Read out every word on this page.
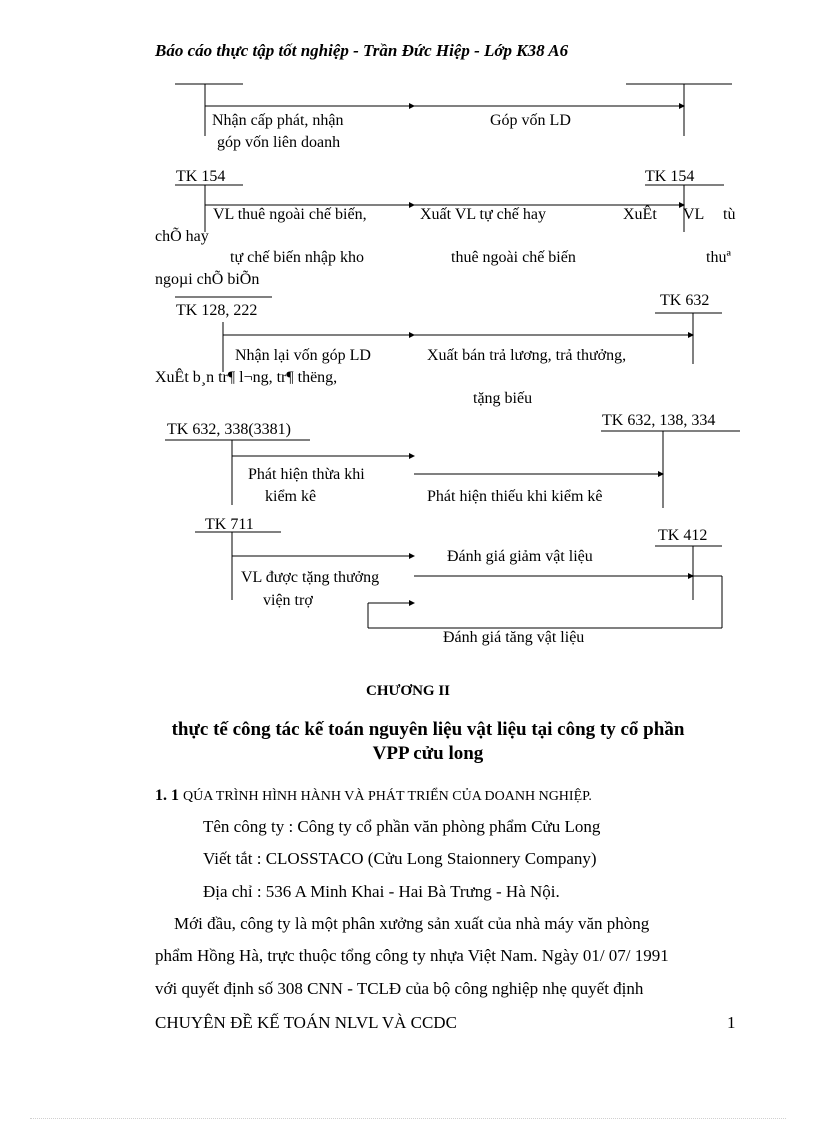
Báo cáo thực tập tốt nghiệp - Trần Đức Hiệp - Lớp K38 A6
Nhận cấp phát, nhận
góp vốn liên doanh
Góp vốn LD
TK 154	TK 154
VL thuê ngoài chế biến,	Xuất VL tự chế hay	XuÊt VL tù
chÕ hay
tự chế biến nhập kho	thuê ngoài chế biến	thuª
ngoµi chÕ biÕn
TK 128, 222
TK 632
Nhận lại vốn góp LD	Xuất bán trả lương, trả thưởng,
XuÊt b¸n tr¶ l¬ng, tr¶ thëng,
tặng biếu
TK 632, 338(3381)
TK 632, 138, 334
Phát hiện thừa khi
kiểm kê	Phát hiện thiếu khi kiểm kê
TK 711
TK 412
Đánh giá giảm vật liệu
VL được tặng thưởng
viện trợ
Đánh giá tăng vật liệu
CHƯƠNG II
thực tế công tác kế toán nguyên liệu vật liệu tại công ty cổ phần VPP cửu long
1. 1 QÚA TRÌNH HÌNH HÀNH VÀ PHÁT TRIỂN CỦA DOANH NGHIỆP.
Tên công ty : Công ty cổ phần văn phòng phẩm Cửu Long
Viết tắt : CLOSSTACO (Cửu Long Staionnery Company)
Địa chỉ : 536 A Minh Khai - Hai Bà Trưng - Hà Nội.
Mới đầu, công ty là một phân xưởng sản xuất của nhà máy văn phòng
phẩm Hồng Hà, trực thuộc tổng công ty nhựa Việt Nam. Ngày 01/ 07/ 1991
với quyết định số 308 CNN - TCLĐ của bộ công nghiệp nhẹ quyết định
CHUYÊN ĐỀ KẾ TOÁN NLVL VÀ CCDC	1
